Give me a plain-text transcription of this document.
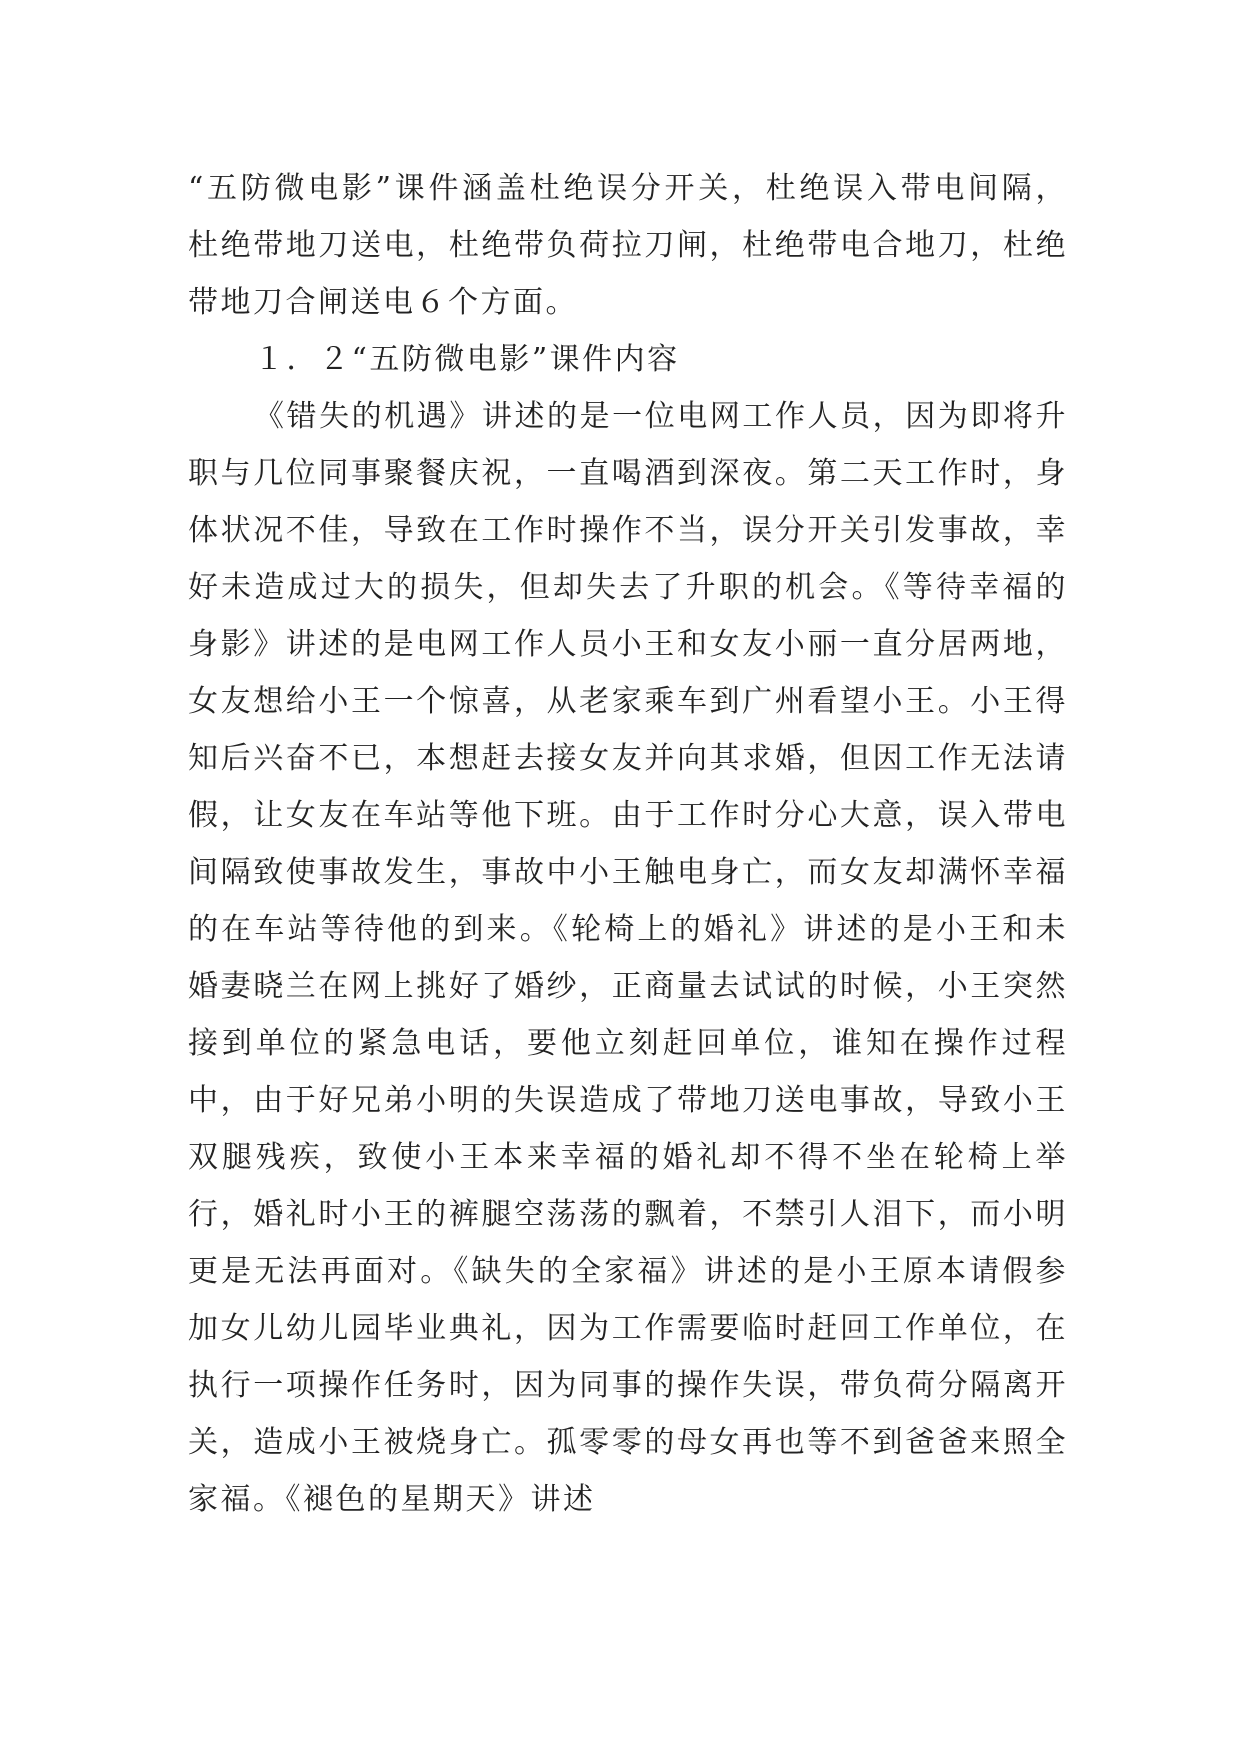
“五防微电影”课件涵盖杜绝误分开关，杜绝误入带电间隔，杜绝带地刀送电，杜绝带负荷拉刀闸，杜绝带电合地刀，杜绝带地刀合闸送电６个方面。

１．２“五防微电影”课件内容

《错失的机遇》讲述的是一位电网工作人员，因为即将升职与几位同事聚餐庆祝，一直喝酒到深夜。第二天工作时，身体状况不佳，导致在工作时操作不当，误分开关引发事故，幸好未造成过大的损失，但却失去了升职的机会。《等待幸福的身影》讲述的是电网工作人员小王和女友小丽一直分居两地，女友想给小王一个惊喜，从老家乘车到广州看望小王。小王得知后兴奋不已，本想赶去接女友并向其求婚，但因工作无法请假，让女友在车站等他下班。由于工作时分心大意，误入带电间隔致使事故发生，事故中小王触电身亡，而女友却满怀幸福的在车站等待他的到来。《轮椅上的婚礼》讲述的是小王和未婚妻晓兰在网上挑好了婚纱，正商量去试试的时候，小王突然接到单位的紧急电话，要他立刻赶回单位，谁知在操作过程中，由于好兄弟小明的失误造成了带地刀送电事故，导致小王双腿残疾，致使小王本来幸福的婚礼却不得不坐在轮椅上举行，婚礼时小王的裤腿空荡荡的飘着，不禁引人泪下，而小明更是无法再面对。《缺失的全家福》讲述的是小王原本请假参加女儿幼儿园毕业典礼，因为工作需要临时赶回工作单位，在执行一项操作任务时，因为同事的操作失误，带负荷分隔离开关，造成小王被烧身亡。孤零零的母女再也等不到爸爸来照全家福。《褪色的星期天》讲述
